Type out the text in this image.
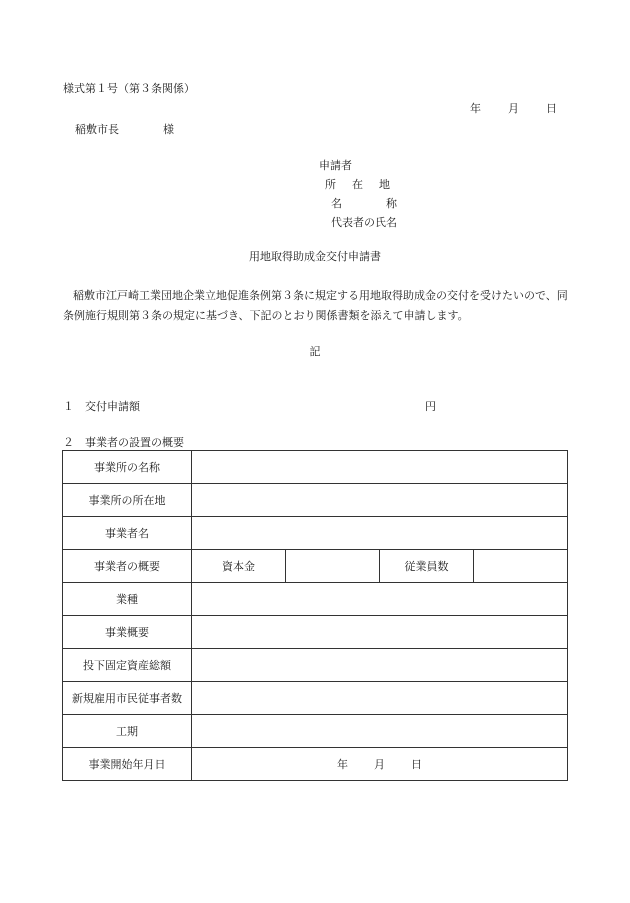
様式第１号（第３条関係）
年 月 日
稲敷市長	様
申請者
所 在 地
名	称
代表者の氏名
用地取得助成金交付申請書
稲敷市江戸崎工業団地企業立地促進条例第３条に規定する用地取得助成金の交付を受けたいので、同条例施行規則第３条の規定に基づき、下記のとおり関係書類を添えて申請します。
記
１ 交付申請額	円
２ 事業者の設置の概要
事業所の名称				
事業所の所在地				
事業者名				
事業者の概要	資本金		従業員数	
業種				
事業概要				
投下固定資産総額				
新規雇用市民従事者数				
工期				
事業開始年月日	年 月 日			
